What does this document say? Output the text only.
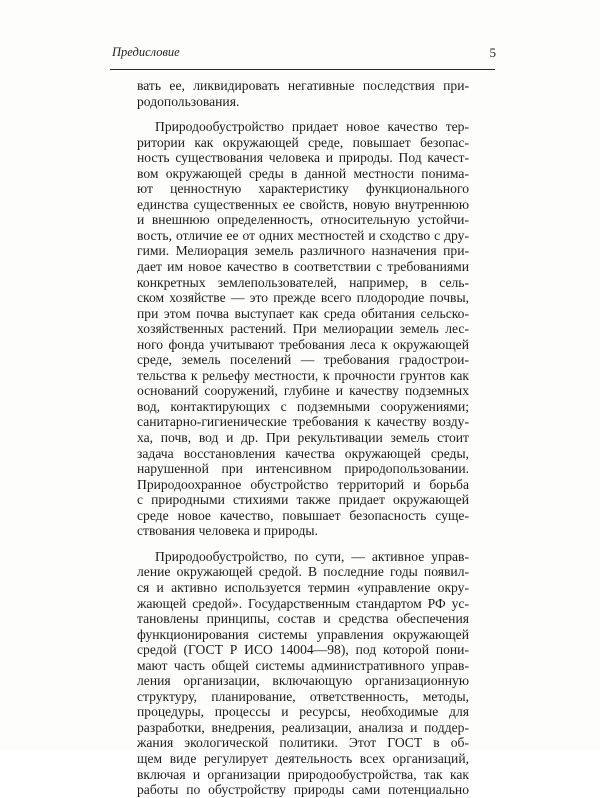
Предисловие	5
вать ее, ликвидировать негативные последствия при-
родопользования.
Природообустройство придает новое качество тер-
ритории как окружающей среде, повышает безопас-
ность существования человека и природы. Под качест-
вом окружающей среды в данной местности понима-
ют ценностную характеристику функционального
единства существенных ее свойств, новую внутреннюю
и внешнюю определенность, относительную устойчи-
вость, отличие ее от одних местностей и сходство с дру-
гими. Мелиорация земель различного назначения при-
дает им новое качество в соответствии с требованиями
конкретных землепользователей, например, в сель-
ском хозяйстве — это прежде всего плодородие почвы,
при этом почва выступает как среда обитания сельско-
хозяйственных растений. При мелиорации земель лес-
ного фонда учитывают требования леса к окружающей
среде, земель поселений — требования градострои-
тельства к рельефу местности, к прочности грунтов как
оснований сооружений, глубине и качеству подземных
вод, контактирующих с подземными сооружениями;
санитарно-гигиенические требования к качеству возду-
ха, почв, вод и др. При рекультивации земель стоит
задача восстановления качества окружающей среды,
нарушенной при интенсивном природопользовании.
Природоохранное обустройство территорий и борьба
с природными стихиями также придает окружающей
среде новое качество, повышает безопасность суще-
ствования человека и природы.
Природообустройство, по сути, — активное управ-
ление окружающей средой. В последние годы появил-
ся и активно используется термин «управление окру-
жающей средой». Государственным стандартом РФ ус-
тановлены принципы, состав и средства обеспечения
функционирования системы управления окружающей
средой (ГОСТ Р ИСО 14004—98), под которой пони-
мают часть общей системы административного управ-
ления организации, включающую организационную
структуру, планирование, ответственность, методы,
процедуры, процессы и ресурсы, необходимые для
разработки, внедрения, реализации, анализа и поддер-
жания экологической политики. Этот ГОСТ в об-
щем виде регулирует деятельность всех организаций,
включая и организации природообустройства, так как
работы по обустройству природы сами потенциально
